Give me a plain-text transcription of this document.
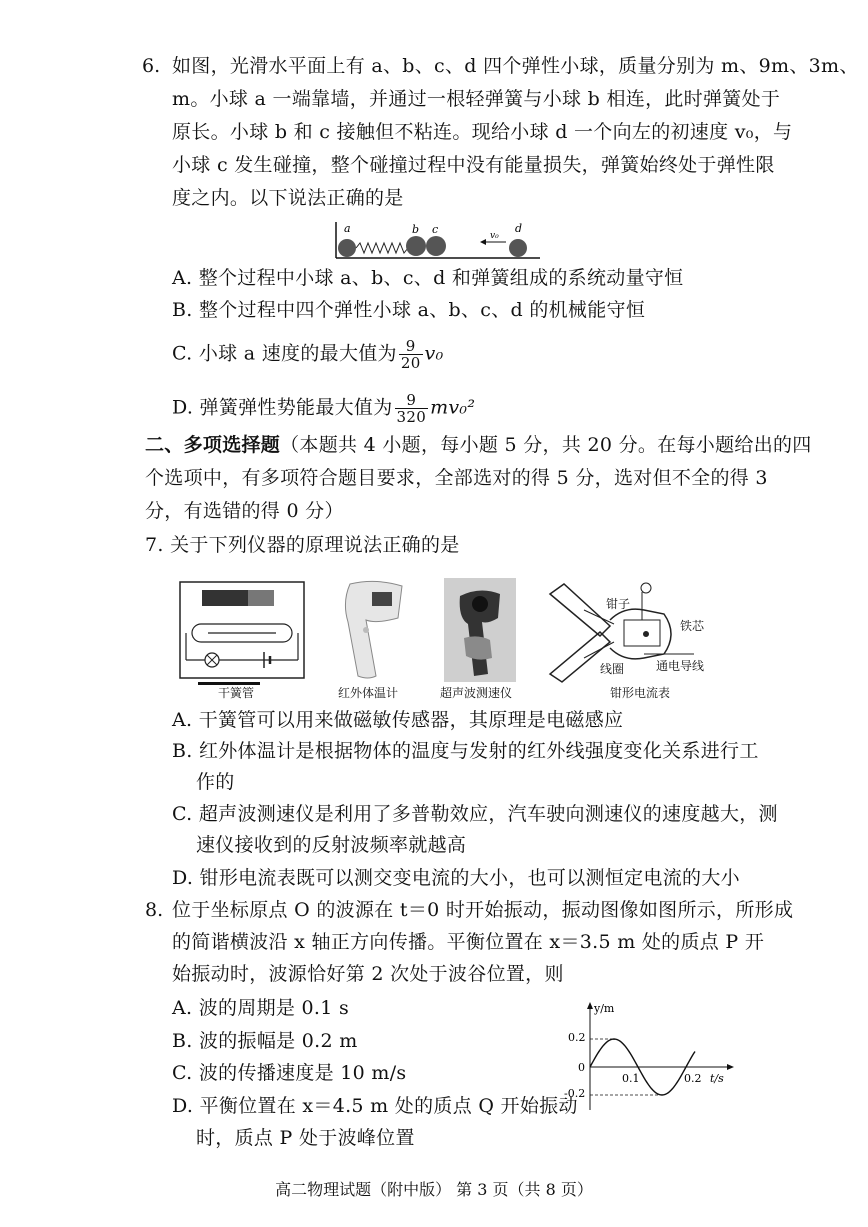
6. 如图，光滑水平面上有 a、b、c、d 四个弹性小球，质量分别为 m、9m、3m、
m。小球 a 一端靠墙，并通过一根轻弹簧与小球 b 相连，此时弹簧处于
原长。小球 b 和 c 接触但不粘连。现给小球 d 一个向左的初速度 v₀，与
小球 c 发生碰撞，整个碰撞过程中没有能量损失，弹簧始终处于弹性限
度之内。以下说法正确的是
a	b c	d
v₀
A. 整个过程中小球 a、b、c、d 和弹簧组成的系统动量守恒
B. 整个过程中四个弹性小球 a、b、c、d 的机械能守恒
C. 小球 a 速度的最大值为 $\frac{9}{20} v_0$
D. 弹簧弹性势能最大值为 $\frac{9}{320} mv_0^2$
二、多项选择题（本题共 4 小题，每小题 5 分，共 20 分。在每小题给出的四
个选项中，有多项符合题目要求，全部选对的得 5 分，选对但不全的得 3
分，有选错的得 0 分）
7. 关于下列仪器的原理说法正确的是
干簧管	红外体温计	超声波测速仪
钳子
铁芯
线圈	通电导线
钳形电流表
A. 干簧管可以用来做磁敏传感器，其原理是电磁感应
B. 红外体温计是根据物体的温度与发射的红外线强度变化关系进行工
作的
C. 超声波测速仪是利用了多普勒效应，汽车驶向测速仪的速度越大，测
速仪接收到的反射波频率就越高
D. 钳形电流表既可以测交变电流的大小，也可以测恒定电流的大小
8. 位于坐标原点 O 的波源在 t＝0 时开始振动，振动图像如图所示，所形成
的简谐横波沿 x 轴正方向传播。平衡位置在 x＝3.5 m 处的质点 P 开
始振动时，波源恰好第 2 次处于波谷位置，则
A. 波的周期是 0.1 s
B. 波的振幅是 0.2 m
C. 波的传播速度是 10 m/s
D. 平衡位置在 x＝4.5 m 处的质点 Q 开始振动
时，质点 P 处于波峰位置
y/m
t/s
0.2
-0.2
0
0.1	0.2
高二物理试题（附中版） 第 3 页（共 8 页）
